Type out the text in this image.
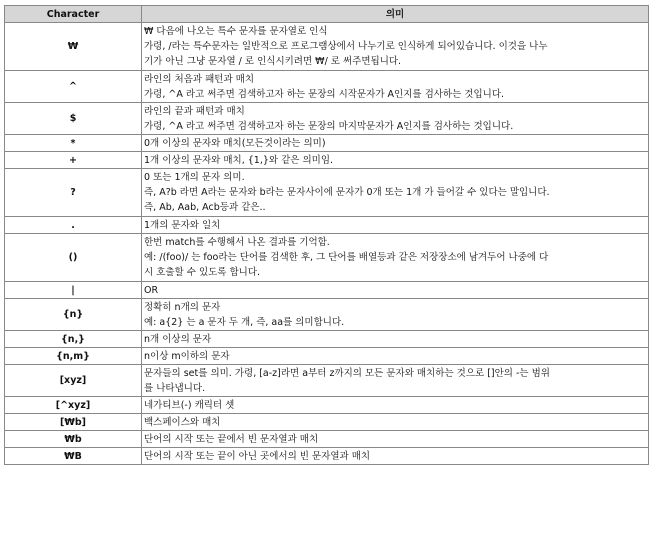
Character	의미
₩	₩ 다음에 나오는 특수 문자를 문자열로 인식
가령, /라는 특수문자는 일반적으로 프로그램상에서 나누기로 인식하게 되어있습니다. 이것을 나누
기가 아닌 그냥 문자열 / 로 인식시키려면 ₩/ 로 써주면됩니다.

^	라인의 처음과 패턴과 매치
가령, ^A 라고 써주면 검색하고자 하는 문장의 시작문자가 A인지를 검사하는 것입니다.

$	라인의 끝과 패턴과 매치
가령, ^A 라고 써주면 검색하고자 하는 문장의 마지막문자가 A인지를 검사하는 것입니다.

*	0개 이상의 문자와 매치(모든것이라는 의미)

+	1개 이상의 문자와 매치, {1,}와 같은 의미임.

?	0 또는 1개의 문자 의미.
즉, A?b 라면 A라는 문자와 b라는 문자사이에 문자가 0개 또는 1개 가 들어갈 수 있다는 말입니다.
즉, Ab, Aab, Acb등과 같은..

.	1개의 문자와 일치

()	한번 match를 수행해서 나온 결과를 기억함.
예: /(foo)/ 는 foo라는 단어를 검색한 후, 그 단어를 배열등과 같은 저장장소에 남겨두어 나중에 다
시 호출할 수 있도록 합니다.

|	OR

{n}	정확히 n개의 문자
예: a{2} 는 a 문자 두 개, 즉, aa를 의미합니다.

{n,}	n개 이상의 문자

{n,m}	n이상 m이하의 문자

[xyz]	문자들의 set를 의미. 가령, [a-z]라면 a부터 z까지의 모든 문자와 매치하는 것으로 []안의 -는 범위
를 나타냅니다.

[^xyz]	네가티브(-) 캐릭터 셋

[₩b]	백스페이스와 매치

₩b	단어의 시작 또는 끝에서 빈 문자열과 매치

₩B	단어의 시작 또는 끝이 아닌 곳에서의 빈 문자열과 매치
